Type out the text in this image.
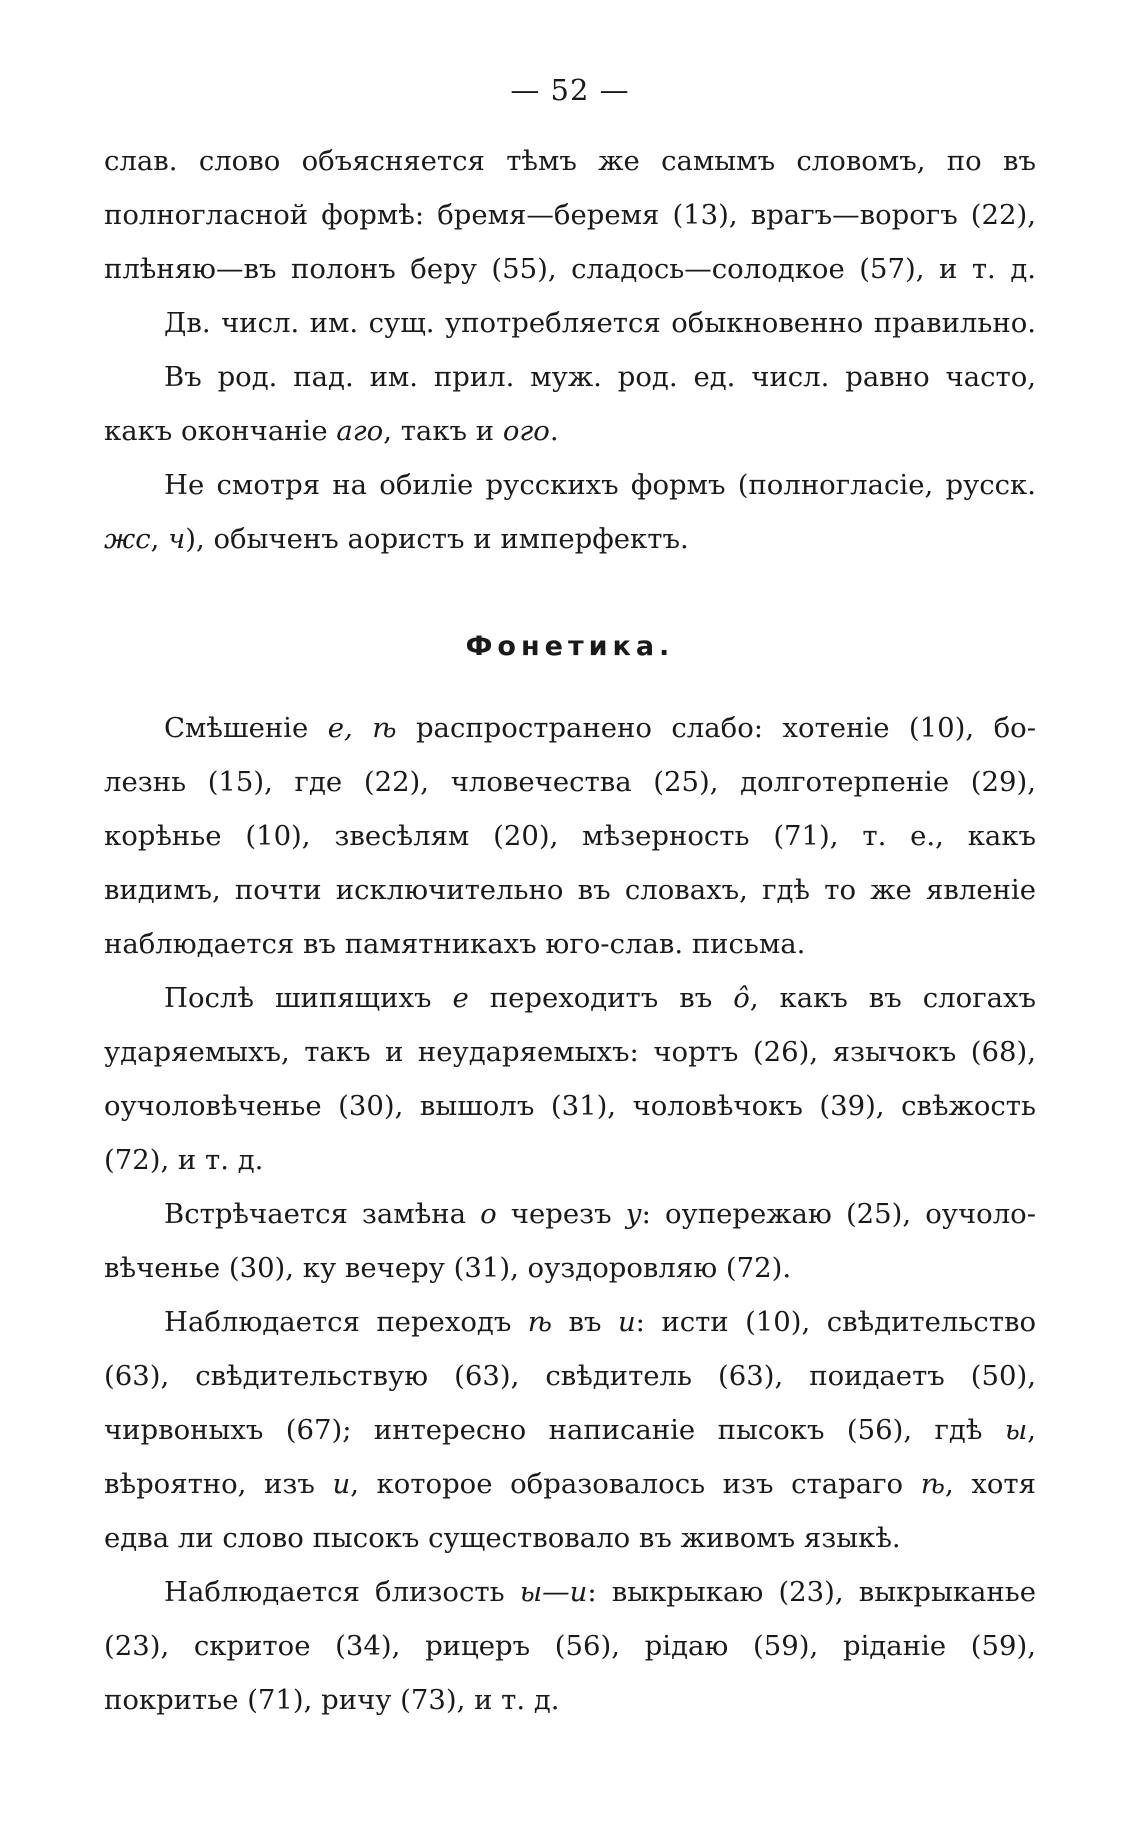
— 52 —
слав. слово объясняется тѣмъ же самымъ словомъ, по въ
полногласной формѣ: бремя—беремя (13), врагъ—ворогъ (22),
плѣняю—въ полонъ беру (55), сладось—солодкое (57), и т. д.
Дв. числ. им. сущ. употребляется обыкновенно правильно.
Въ род. пад. им. прил. муж. род. ед. числ. равно часто,
какъ окончаніе аго, такъ и ого.
Не смотря на обиліе русскихъ формъ (полногласіе, русск.
жс, ч), обыченъ аористъ и имперфектъ.
Фонетика.
Смѣшеніе е, ѣ распространено слабо: хотеніе (10), бо-
лезнь (15), где (22), чловечества (25), долготерпеніе (29),
корѣнье (10), звесѣлям (20), мѣзерность (71), т. е., какъ
видимъ, почти исключительно въ словахъ, гдѣ то же явленіе
наблюдается въ памятникахъ юго-слав. письма.
Послѣ шипящихъ е переходитъ въ ô, какъ въ слогахъ
ударяемыхъ, такъ и неударяемыхъ: чортъ (26), язычокъ (68),
оучоловѣченье (30), вышолъ (31), чоловѣчокъ (39), свѣжость
(72), и т. д.
Встрѣчается замѣна о черезъ у: оупережаю (25), оучоло-
вѣченье (30), ку вечеру (31), оуздоровляю (72).
Наблюдается переходъ ѣ въ и: исти (10), свѣдительство
(63), свѣдительствую (63), свѣдитель (63), поидаетъ (50),
чирвоныхъ (67); интересно написаніе пысокъ (56), гдѣ ы,
вѣроятно, изъ и, которое образовалось изъ стараго ѣ, хотя
едва ли слово пысокъ существовало въ живомъ языкѣ.
Наблюдается близость ы—и: выкрыкаю (23), выкрыканье
(23), скритое (34), рицеръ (56), рідаю (59), ріданіе (59),
покритье (71), ричу (73), и т. д.
